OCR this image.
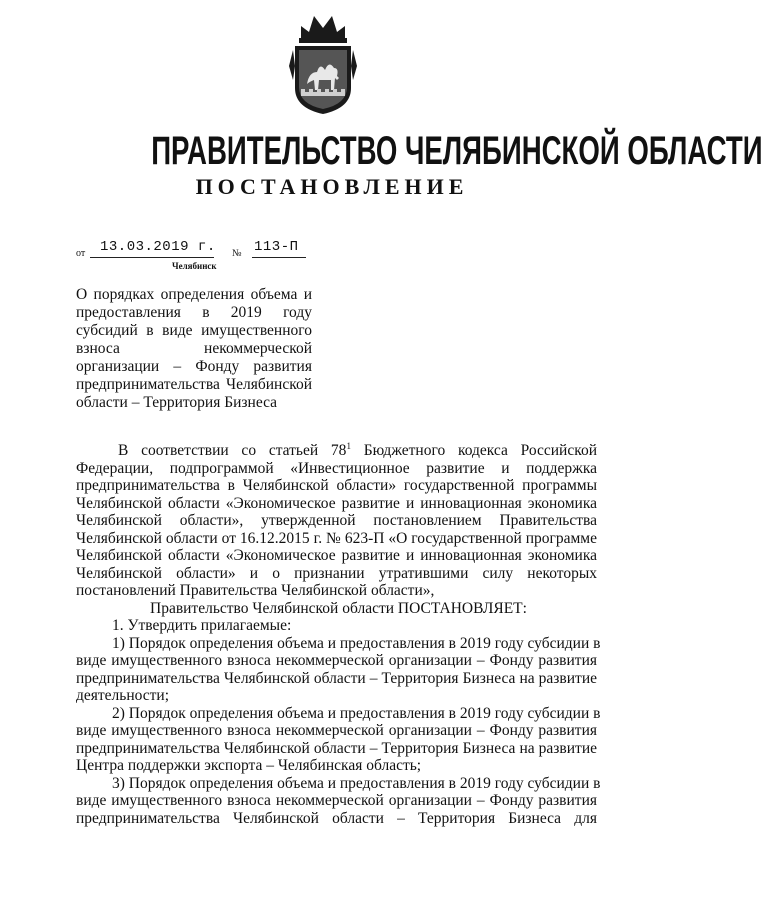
ПРАВИТЕЛЬСТВО ЧЕЛЯБИНСКОЙ ОБЛАСТИ
ПОСТАНОВЛЕНИЕ
от 13.03.2019 г. № 113-П
Челябинск
О порядках определения объема и
предоставления в 2019 году
субсидий в виде имущественного
взноса некоммерческой
организации – Фонду развития
предпринимательства Челябинской
области – Территория Бизнеса
В соответствии со статьей $78^1$ Бюджетного кодекса Российской
Федерации, подпрограммой «Инвестиционное развитие и поддержка
предпринимательства в Челябинской области» государственной программы
Челябинской области «Экономическое развитие и инновационная экономика
Челябинской области», утвержденной постановлением Правительства
Челябинской области от 16.12.2015 г. № 623-П «О государственной программе
Челябинской области «Экономическое развитие и инновационная экономика
Челябинской области» и о признании утратившими силу некоторых
постановлений Правительства Челябинской области»,
Правительство Челябинской области ПОСТАНОВЛЯЕТ:
1. Утвердить прилагаемые:
1) Порядок определения объема и предоставления в 2019 году субсидии в
виде имущественного взноса некоммерческой организации – Фонду развития
предпринимательства Челябинской области – Территория Бизнеса на развитие
деятельности;
2) Порядок определения объема и предоставления в 2019 году субсидии в
виде имущественного взноса некоммерческой организации – Фонду развития
предпринимательства Челябинской области – Территория Бизнеса на развитие
Центра поддержки экспорта – Челябинская область;
3) Порядок определения объема и предоставления в 2019 году субсидии в
виде имущественного взноса некоммерческой организации – Фонду развития
предпринимательства Челябинской области – Территория Бизнеса для
